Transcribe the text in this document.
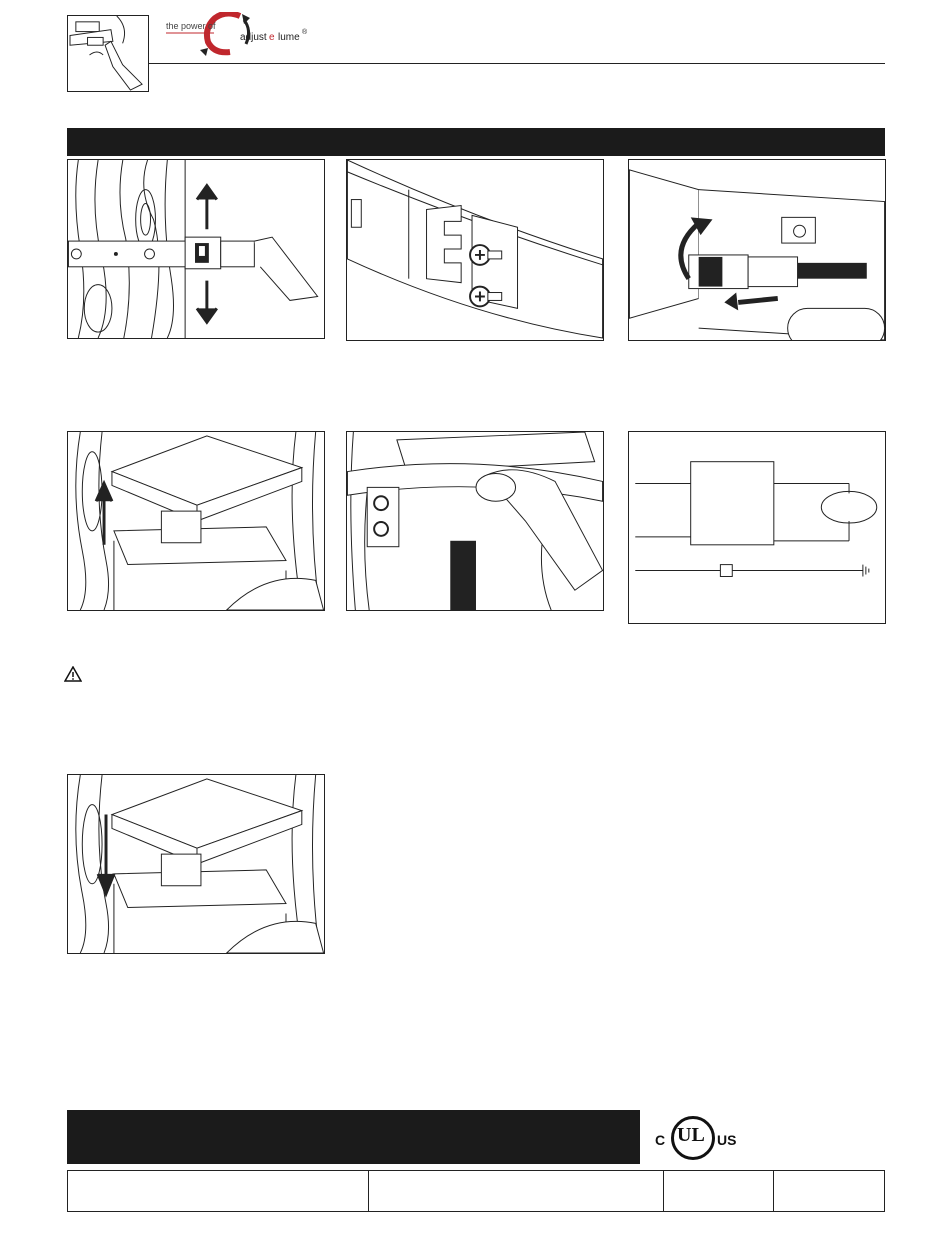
the power of
adjust e lume ®
C UL US
